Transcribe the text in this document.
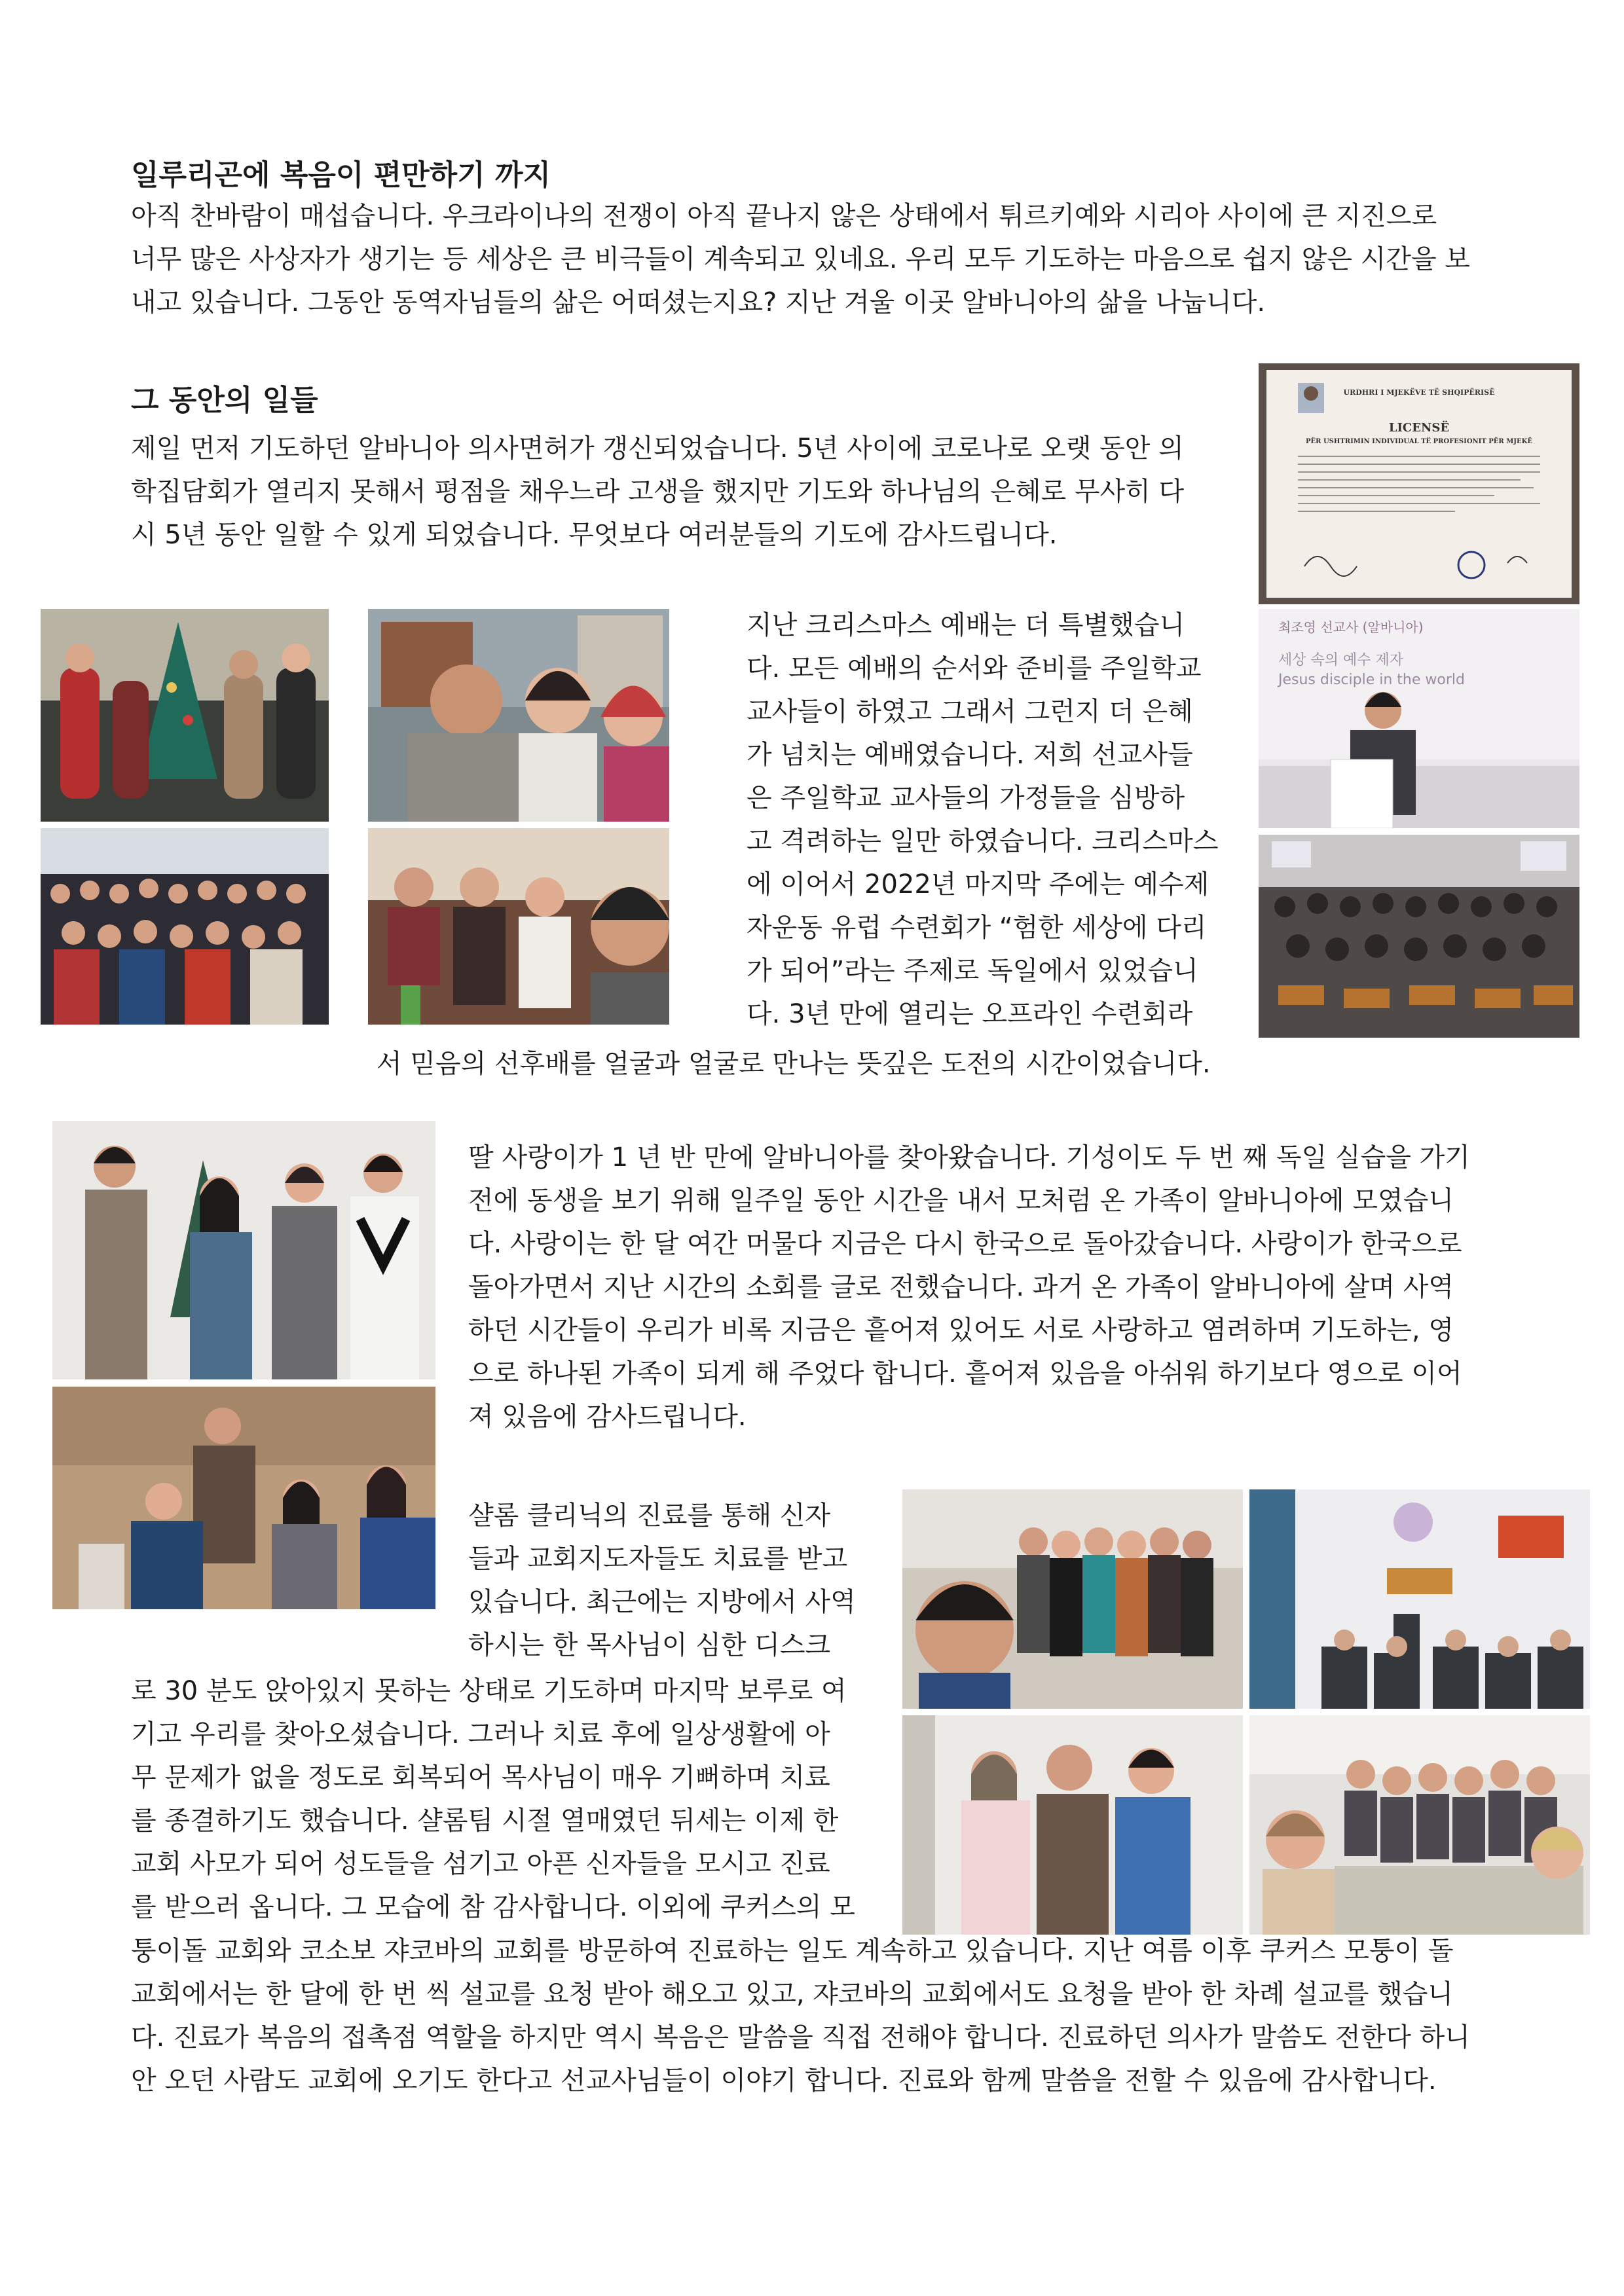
일루리곤에 복음이 편만하기 까지
아직 찬바람이 매섭습니다. 우크라이나의 전쟁이 아직 끝나지 않은 상태에서 튀르키예와 시리아 사이에 큰 지진으로
너무 많은 사상자가 생기는 등 세상은 큰 비극들이 계속되고 있네요. 우리 모두 기도하는 마음으로 쉽지 않은 시간을 보
내고 있습니다. 그동안 동역자님들의 삶은 어떠셨는지요? 지난 겨울 이곳 알바니아의 삶을 나눕니다.
그 동안의 일들
제일 먼저 기도하던 알바니아 의사면허가 갱신되었습니다. 5년 사이에 코로나로 오랫 동안 의
학집담회가 열리지 못해서 평점을 채우느라 고생을 했지만 기도와 하나님의 은혜로 무사히 다
시 5년 동안 일할 수 있게 되었습니다. 무엇보다 여러분들의 기도에 감사드립니다.
URDHRI I MJEKËVE TË SHQIPËRISË
LICENSË
PËR USHTRIMIN INDIVIDUAL TË PROFESIONIT PËR MJEKË
지난 크리스마스 예배는 더 특별했습니
다. 모든 예배의 순서와 준비를 주일학교
교사들이 하였고 그래서 그런지 더 은혜
가 넘치는 예배였습니다. 저희 선교사들
은 주일학교 교사들의 가정들을 심방하
고 격려하는 일만 하였습니다. 크리스마스
에 이어서 2022년 마지막 주에는 예수제
자운동 유럽 수련회가 “험한 세상에 다리
가 되어”라는 주제로 독일에서 있었습니
다. 3년 만에 열리는 오프라인 수련회라
서 믿음의 선후배를 얼굴과 얼굴로 만나는 뜻깊은 도전의 시간이었습니다.
최조영 선교사 (알바니아)
세상 속의 예수 제자
Jesus disciple in the world
딸 사랑이가 1 년 반 만에 알바니아를 찾아왔습니다. 기성이도 두 번 째 독일 실습을 가기
전에 동생을 보기 위해 일주일 동안 시간을 내서 모처럼 온 가족이 알바니아에 모였습니
다. 사랑이는 한 달 여간 머물다 지금은 다시 한국으로 돌아갔습니다. 사랑이가 한국으로
돌아가면서 지난 시간의 소회를 글로 전했습니다. 과거 온 가족이 알바니아에 살며 사역
하던 시간들이 우리가 비록 지금은 흩어져 있어도 서로 사랑하고 염려하며 기도하는, 영
으로 하나된 가족이 되게 해 주었다 합니다. 흩어져 있음을 아쉬워 하기보다 영으로 이어
져 있음에 감사드립니다.
샬롬 클리닉의 진료를 통해 신자
들과 교회지도자들도 치료를 받고
있습니다. 최근에는 지방에서 사역
하시는 한 목사님이 심한 디스크
로 30 분도 앉아있지 못하는 상태로 기도하며 마지막 보루로 여
기고 우리를 찾아오셨습니다. 그러나 치료 후에 일상생활에 아
무 문제가 없을 정도로 회복되어 목사님이 매우 기뻐하며 치료
를 종결하기도 했습니다. 샬롬팀 시절 열매였던 뒤세는 이제 한
교회 사모가 되어 성도들을 섬기고 아픈 신자들을 모시고 진료
를 받으러 옵니다. 그 모습에 참 감사합니다. 이외에 쿠커스의 모
퉁이돌 교회와 코소보 쟈코바의 교회를 방문하여 진료하는 일도 계속하고 있습니다. 지난 여름 이후 쿠커스 모퉁이 돌
교회에서는 한 달에 한 번 씩 설교를 요청 받아 해오고 있고, 쟈코바의 교회에서도 요청을 받아 한 차례 설교를 했습니
다. 진료가 복음의 접촉점 역할을 하지만 역시 복음은 말씀을 직접 전해야 합니다. 진료하던 의사가 말씀도 전한다 하니
안 오던 사람도 교회에 오기도 한다고 선교사님들이 이야기 합니다. 진료와 함께 말씀을 전할 수 있음에 감사합니다.
